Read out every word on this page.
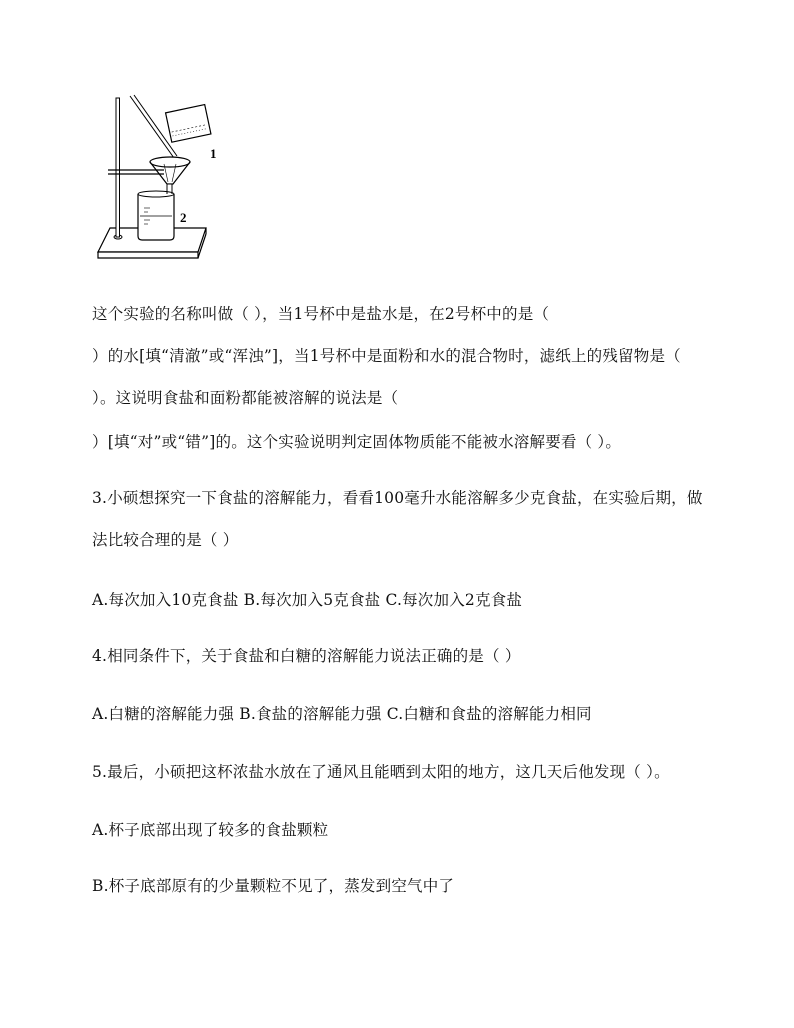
1
2
这个实验的名称叫做（ ），当1号杯中是盐水是，在2号杯中的是（
）的水[填“清澈”或“浑浊”]，当1号杯中是面粉和水的混合物时，滤纸上的残留物是（
）。这说明食盐和面粉都能被溶解的说法是（
）[填“对”或“错”]的。这个实验说明判定固体物质能不能被水溶解要看（ ）。
3.小硕想探究一下食盐的溶解能力，看看100毫升水能溶解多少克食盐，在实验后期，做
法比较合理的是（ ）
A.每次加入10克食盐 B.每次加入5克食盐 C.每次加入2克食盐
4.相同条件下，关于食盐和白糖的溶解能力说法正确的是（ ）
A.白糖的溶解能力强 B.食盐的溶解能力强 C.白糖和食盐的溶解能力相同
5.最后，小硕把这杯浓盐水放在了通风且能晒到太阳的地方，这几天后他发现（ ）。
A.杯子底部出现了较多的食盐颗粒
B.杯子底部原有的少量颗粒不见了，蒸发到空气中了
